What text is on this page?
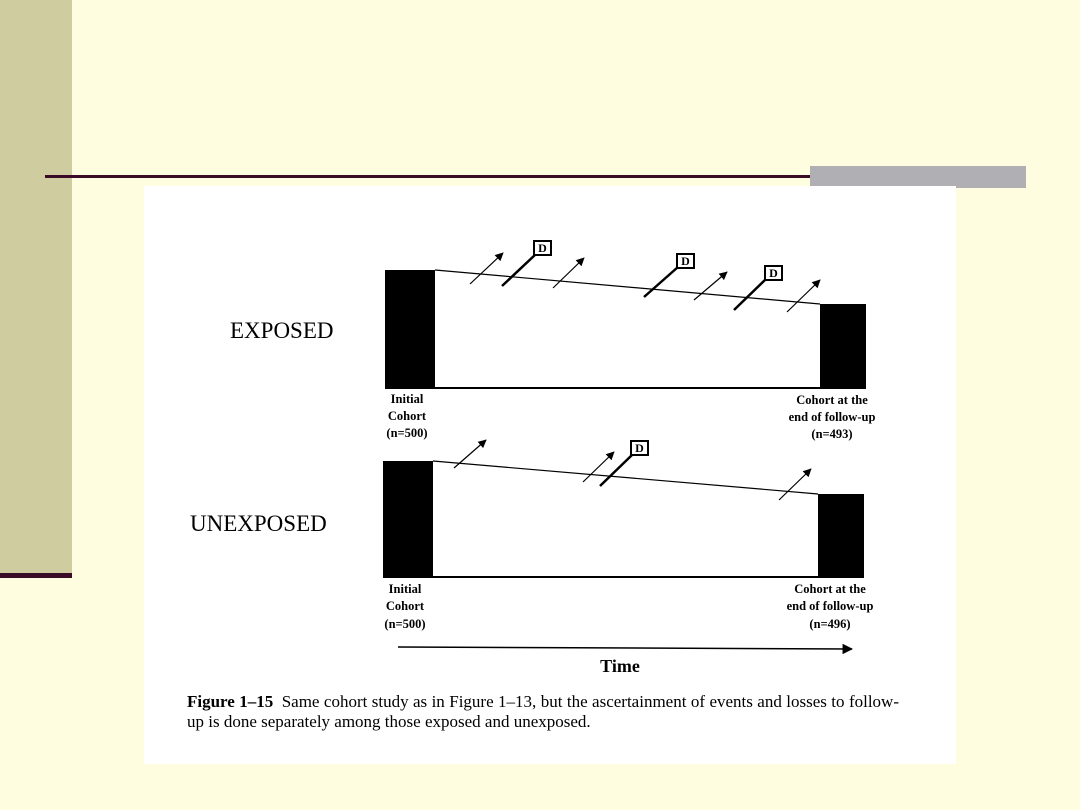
EXPOSED
D
D
D
Initial
Cohort
(n=500)
Cohort at the
end of follow-up
(n=493)
UNEXPOSED
D
Initial
Cohort
(n=500)
Cohort at the
end of follow-up
(n=496)
Time
Figure 1–15 Same cohort study as in Figure 1–13, but the ascertainment of events and losses to follow-up is done separately among those exposed and unexposed.
